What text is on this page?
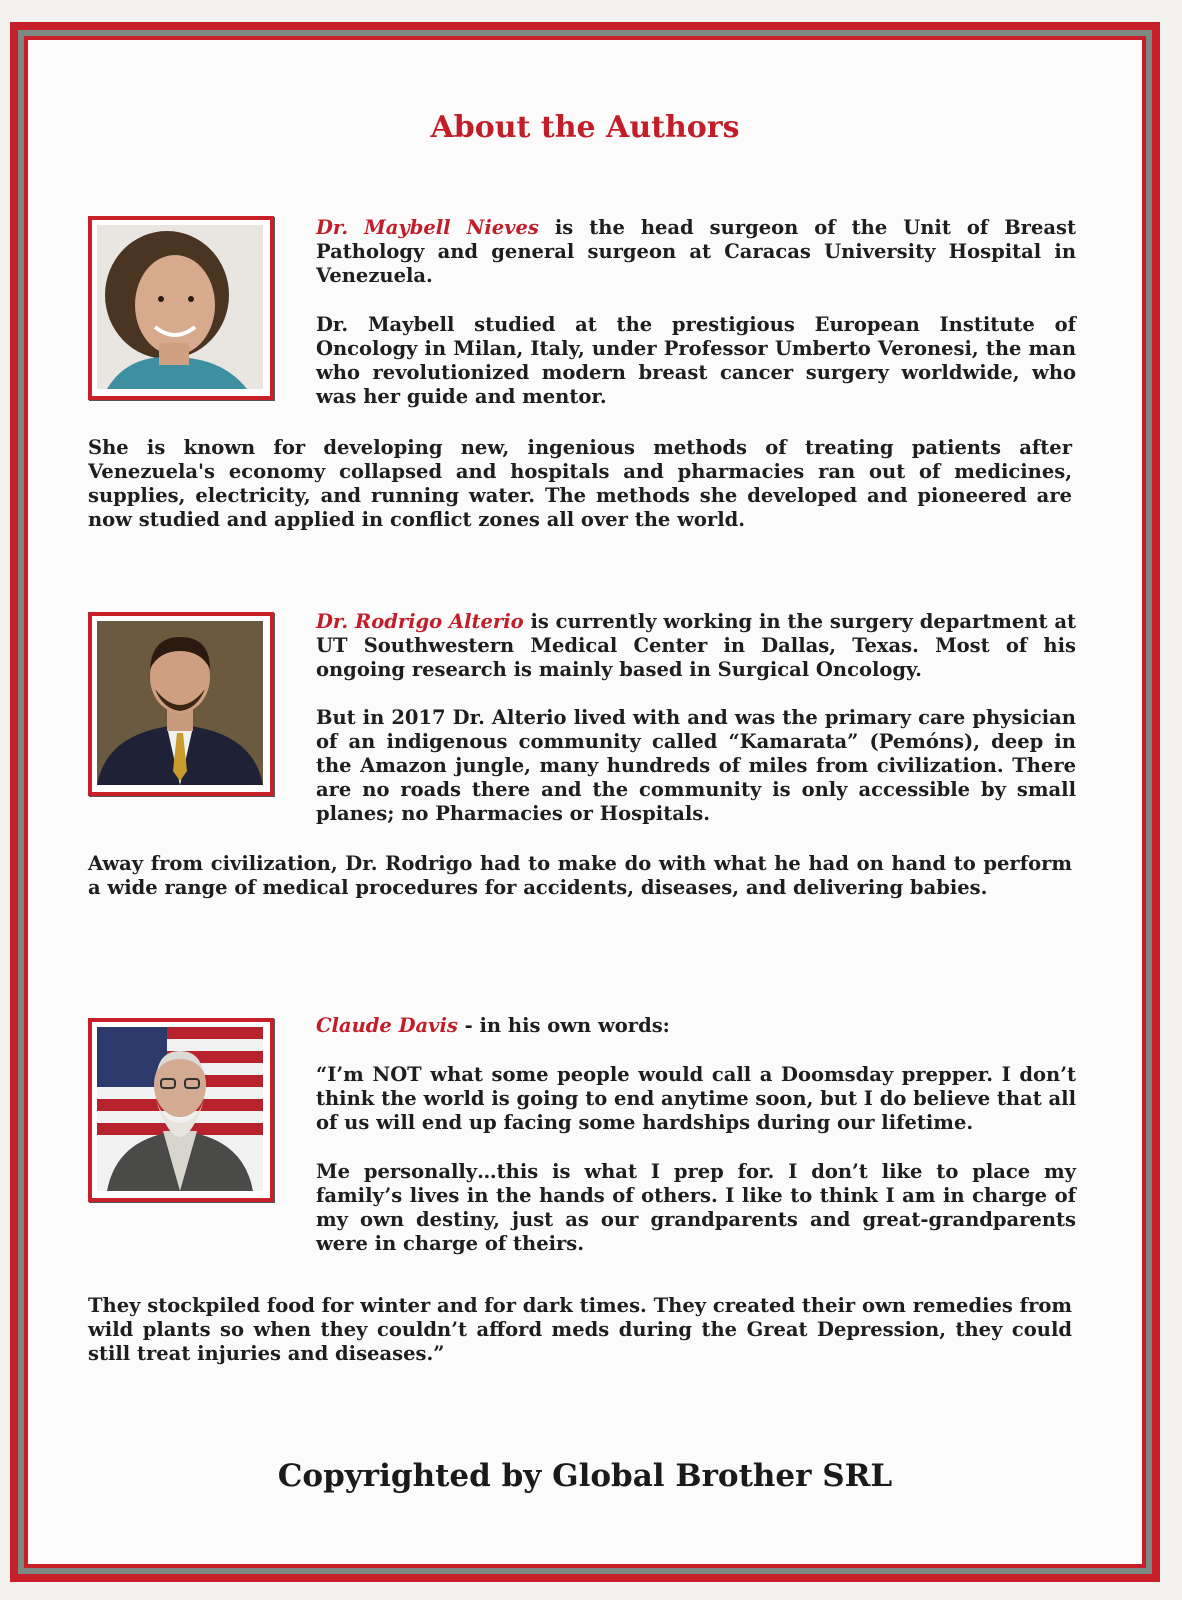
About the Authors

Dr. Maybell Nieves is the head surgeon of the Unit of Breast Pathology and general surgeon at Caracas University Hospital in Venezuela.

Dr. Maybell studied at the prestigious European Institute of Oncology in Milan, Italy, under Professor Umberto Veronesi, the man who revolutionized modern breast cancer surgery worldwide, who was her guide and mentor.

She is known for developing new, ingenious methods of treating patients after Venezuela's economy collapsed and hospitals and pharmacies ran out of medicines, supplies, electricity, and running water. The methods she developed and pioneered are now studied and applied in conflict zones all over the world.

Dr. Rodrigo Alterio is currently working in the surgery department at UT Southwestern Medical Center in Dallas, Texas. Most of his ongoing research is mainly based in Surgical Oncology.

But in 2017 Dr. Alterio lived with and was the primary care physician of an indigenous community called “Kamarata” (Pemóns), deep in the Amazon jungle, many hundreds of miles from civilization. There are no roads there and the community is only accessible by small planes; no Pharmacies or Hospitals.

Away from civilization, Dr. Rodrigo had to make do with what he had on hand to perform a wide range of medical procedures for accidents, diseases, and delivering babies.

Claude Davis - in his own words:

“I’m NOT what some people would call a Doomsday prepper. I don’t think the world is going to end anytime soon, but I do believe that all of us will end up facing some hardships during our lifetime.

Me personally…this is what I prep for. I don’t like to place my family’s lives in the hands of others. I like to think I am in charge of my own destiny, just as our grandparents and great-grandparents were in charge of theirs.

They stockpiled food for winter and for dark times. They created their own remedies from wild plants so when they couldn’t afford meds during the Great Depression, they could still treat injuries and diseases.”

Copyrighted by Global Brother SRL
